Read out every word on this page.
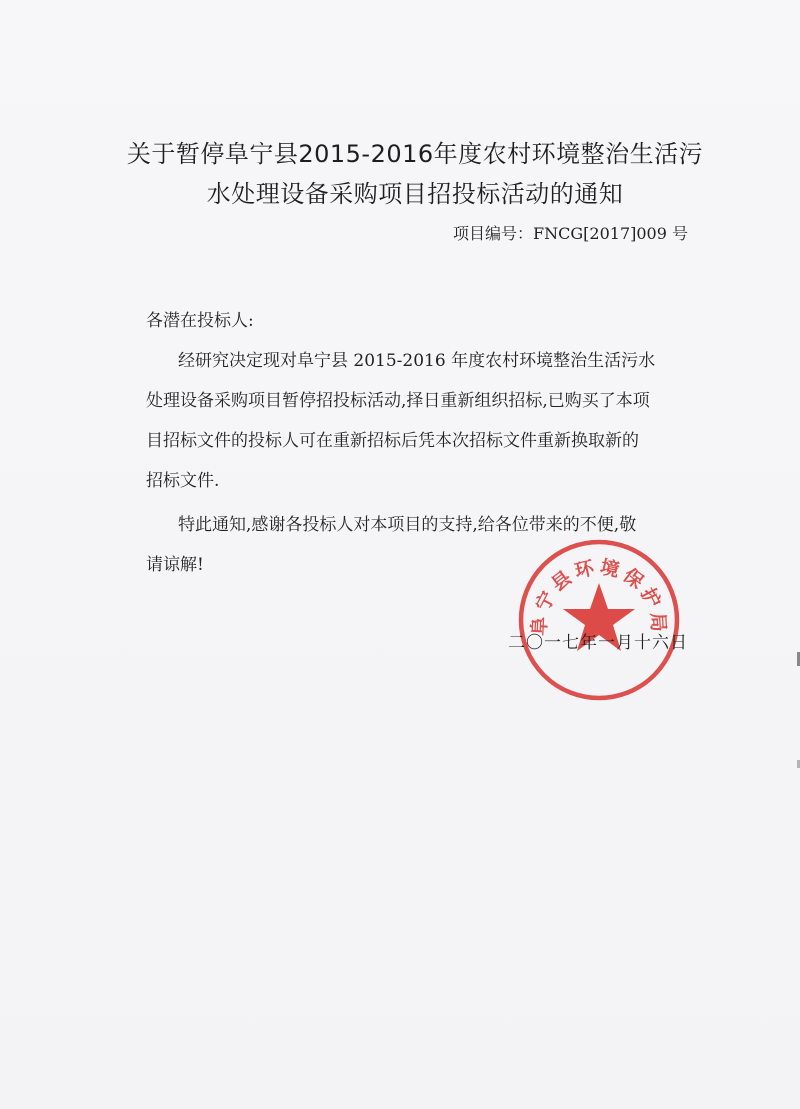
关于暂停阜宁县2015-2016年度农村环境整治生活污
水处理设备采购项目招投标活动的通知
项目编号：FNCG[2017]009 号
各潜在投标人:
经研究决定现对阜宁县 2015-2016 年度农村环境整治生活污水
处理设备采购项目暂停招投标活动,择日重新组织招标,已购买了本项
目招标文件的投标人可在重新招标后凭本次招标文件重新换取新的
招标文件.
特此通知,感谢各投标人对本项目的支持,给各位带来的不便,敬
请谅解!
阜宁县环境保护局
二〇一七年一月十六日
